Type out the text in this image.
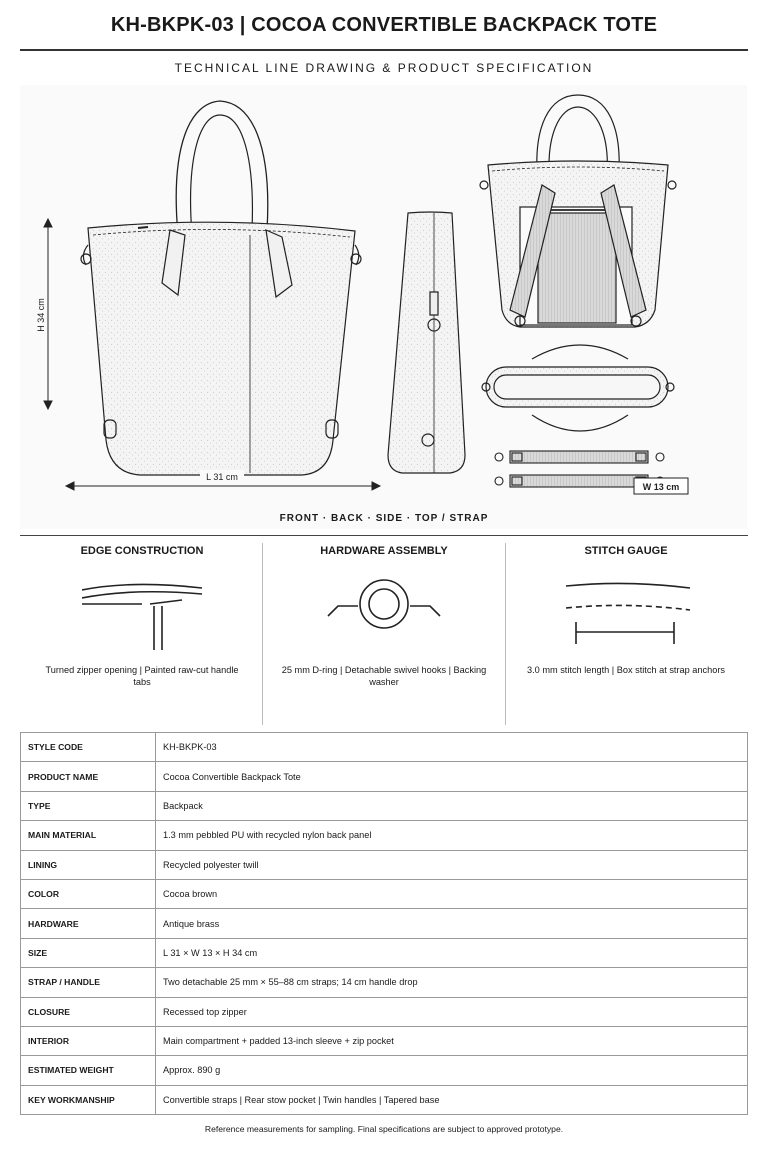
KH-BKPK-03 | COCOA CONVERTIBLE BACKPACK TOTE
TECHNICAL LINE DRAWING & PRODUCT SPECIFICATION
H 34 cm
L 31 cm
W 13 cm
FRONT · BACK · SIDE · TOP / STRAP
EDGE CONSTRUCTION

Turned zipper opening | Painted raw-cut handle tabs

HARDWARE ASSEMBLY

25 mm D-ring | Detachable swivel hooks | Backing washer

STITCH GAUGE

3.0 mm stitch length | Box stitch at strap anchors

STYLE CODE	KH-BKPK-03
PRODUCT NAME	Cocoa Convertible Backpack Tote
TYPE	Backpack
MAIN MATERIAL	1.3 mm pebbled PU with recycled nylon back panel
LINING	Recycled polyester twill
COLOR	Cocoa brown
HARDWARE	Antique brass
SIZE	L 31 × W 13 × H 34 cm
STRAP / HANDLE	Two detachable 25 mm × 55–88 cm straps; 14 cm handle drop
CLOSURE	Recessed top zipper
INTERIOR	Main compartment + padded 13-inch sleeve + zip pocket
ESTIMATED WEIGHT	Approx. 890 g
KEY WORKMANSHIP	Convertible straps | Rear stow pocket | Twin handles | Tapered base
Reference measurements for sampling. Final specifications are subject to approved prototype.
